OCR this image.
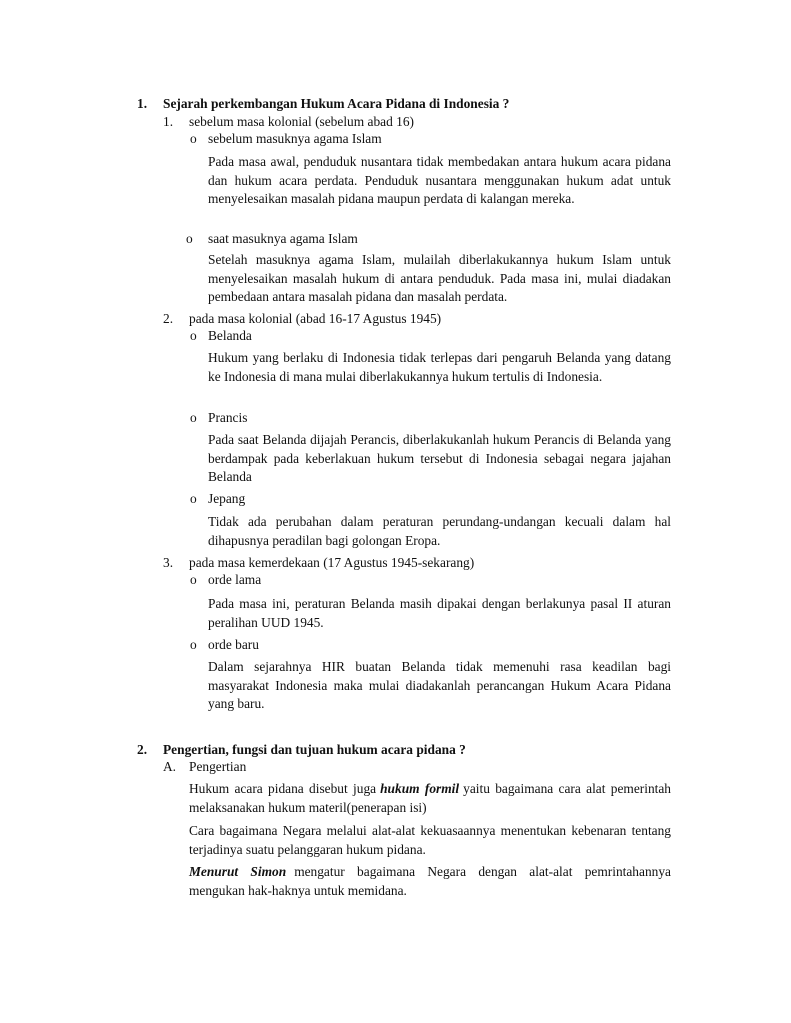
1. Sejarah perkembangan Hukum Acara Pidana di Indonesia ?
1. sebelum masa kolonial (sebelum abad 16)
o sebelum masuknya agama Islam
Pada masa awal, penduduk nusantara tidak membedakan antara hukum acara pidana dan hukum acara perdata. Penduduk nusantara menggunakan hukum adat untuk menyelesaikan masalah pidana maupun perdata di kalangan mereka.
o saat masuknya agama Islam
Setelah masuknya agama Islam, mulailah diberlakukannya hukum Islam untuk menyelesaikan masalah hukum di antara penduduk. Pada masa ini, mulai diadakan pembedaan antara masalah pidana dan masalah perdata.
2. pada masa kolonial (abad 16-17 Agustus 1945)
o Belanda
Hukum yang berlaku di Indonesia tidak terlepas dari pengaruh Belanda yang datang ke Indonesia di mana mulai diberlakukannya hukum tertulis di Indonesia.
o Prancis
Pada saat Belanda dijajah Perancis, diberlakukanlah hukum Perancis di Belanda yang berdampak pada keberlakuan hukum tersebut di Indonesia sebagai negara jajahan Belanda
o Jepang
Tidak ada perubahan dalam peraturan perundang-undangan kecuali dalam hal dihapusnya peradilan bagi golongan Eropa.
3. pada masa kemerdekaan (17 Agustus 1945-sekarang)
o orde lama
Pada masa ini, peraturan Belanda masih dipakai dengan berlakunya pasal II aturan peralihan UUD 1945.
o orde baru
Dalam sejarahnya HIR buatan Belanda tidak memenuhi rasa keadilan bagi masyarakat Indonesia maka mulai diadakanlah perancangan Hukum Acara Pidana yang baru.
2. Pengertian, fungsi dan tujuan hukum acara pidana ?
A. Pengertian
Hukum acara pidana disebut juga hukum formil yaitu bagaimana cara alat pemerintah melaksanakan hukum materil(penerapan isi)
Cara bagaimana Negara melalui alat-alat kekuasaannya menentukan kebenaran tentang terjadinya suatu pelanggaran hukum pidana.
Menurut Simon mengatur bagaimana Negara dengan alat-alat pemrintahannya mengukan hak-haknya untuk memidana.
